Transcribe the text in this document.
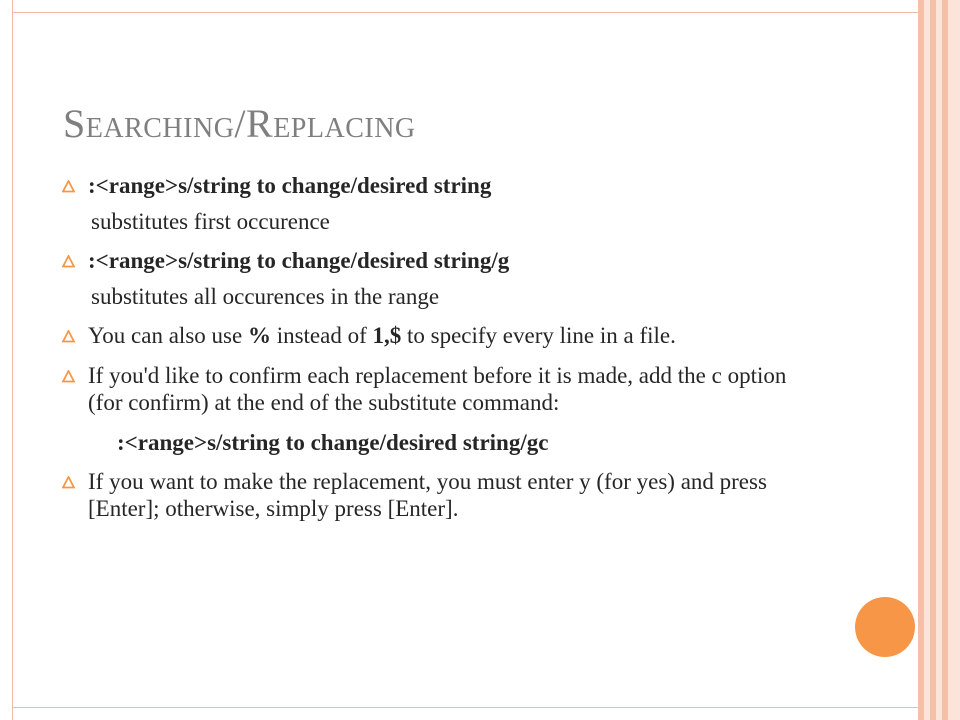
Searching/Replacing
:<range>s/string to change/desired string
substitutes first occurence
:<range>s/string to change/desired string/g
substitutes all occurences in the range
You can also use % instead of 1,$ to specify every line in a file.
If you'd like to confirm each replacement before it is made, add the c option (for confirm) at the end of the substitute command:
:<range>s/string to change/desired string/gc
If you want to make the replacement, you must enter y (for yes) and press [Enter]; otherwise, simply press [Enter].
